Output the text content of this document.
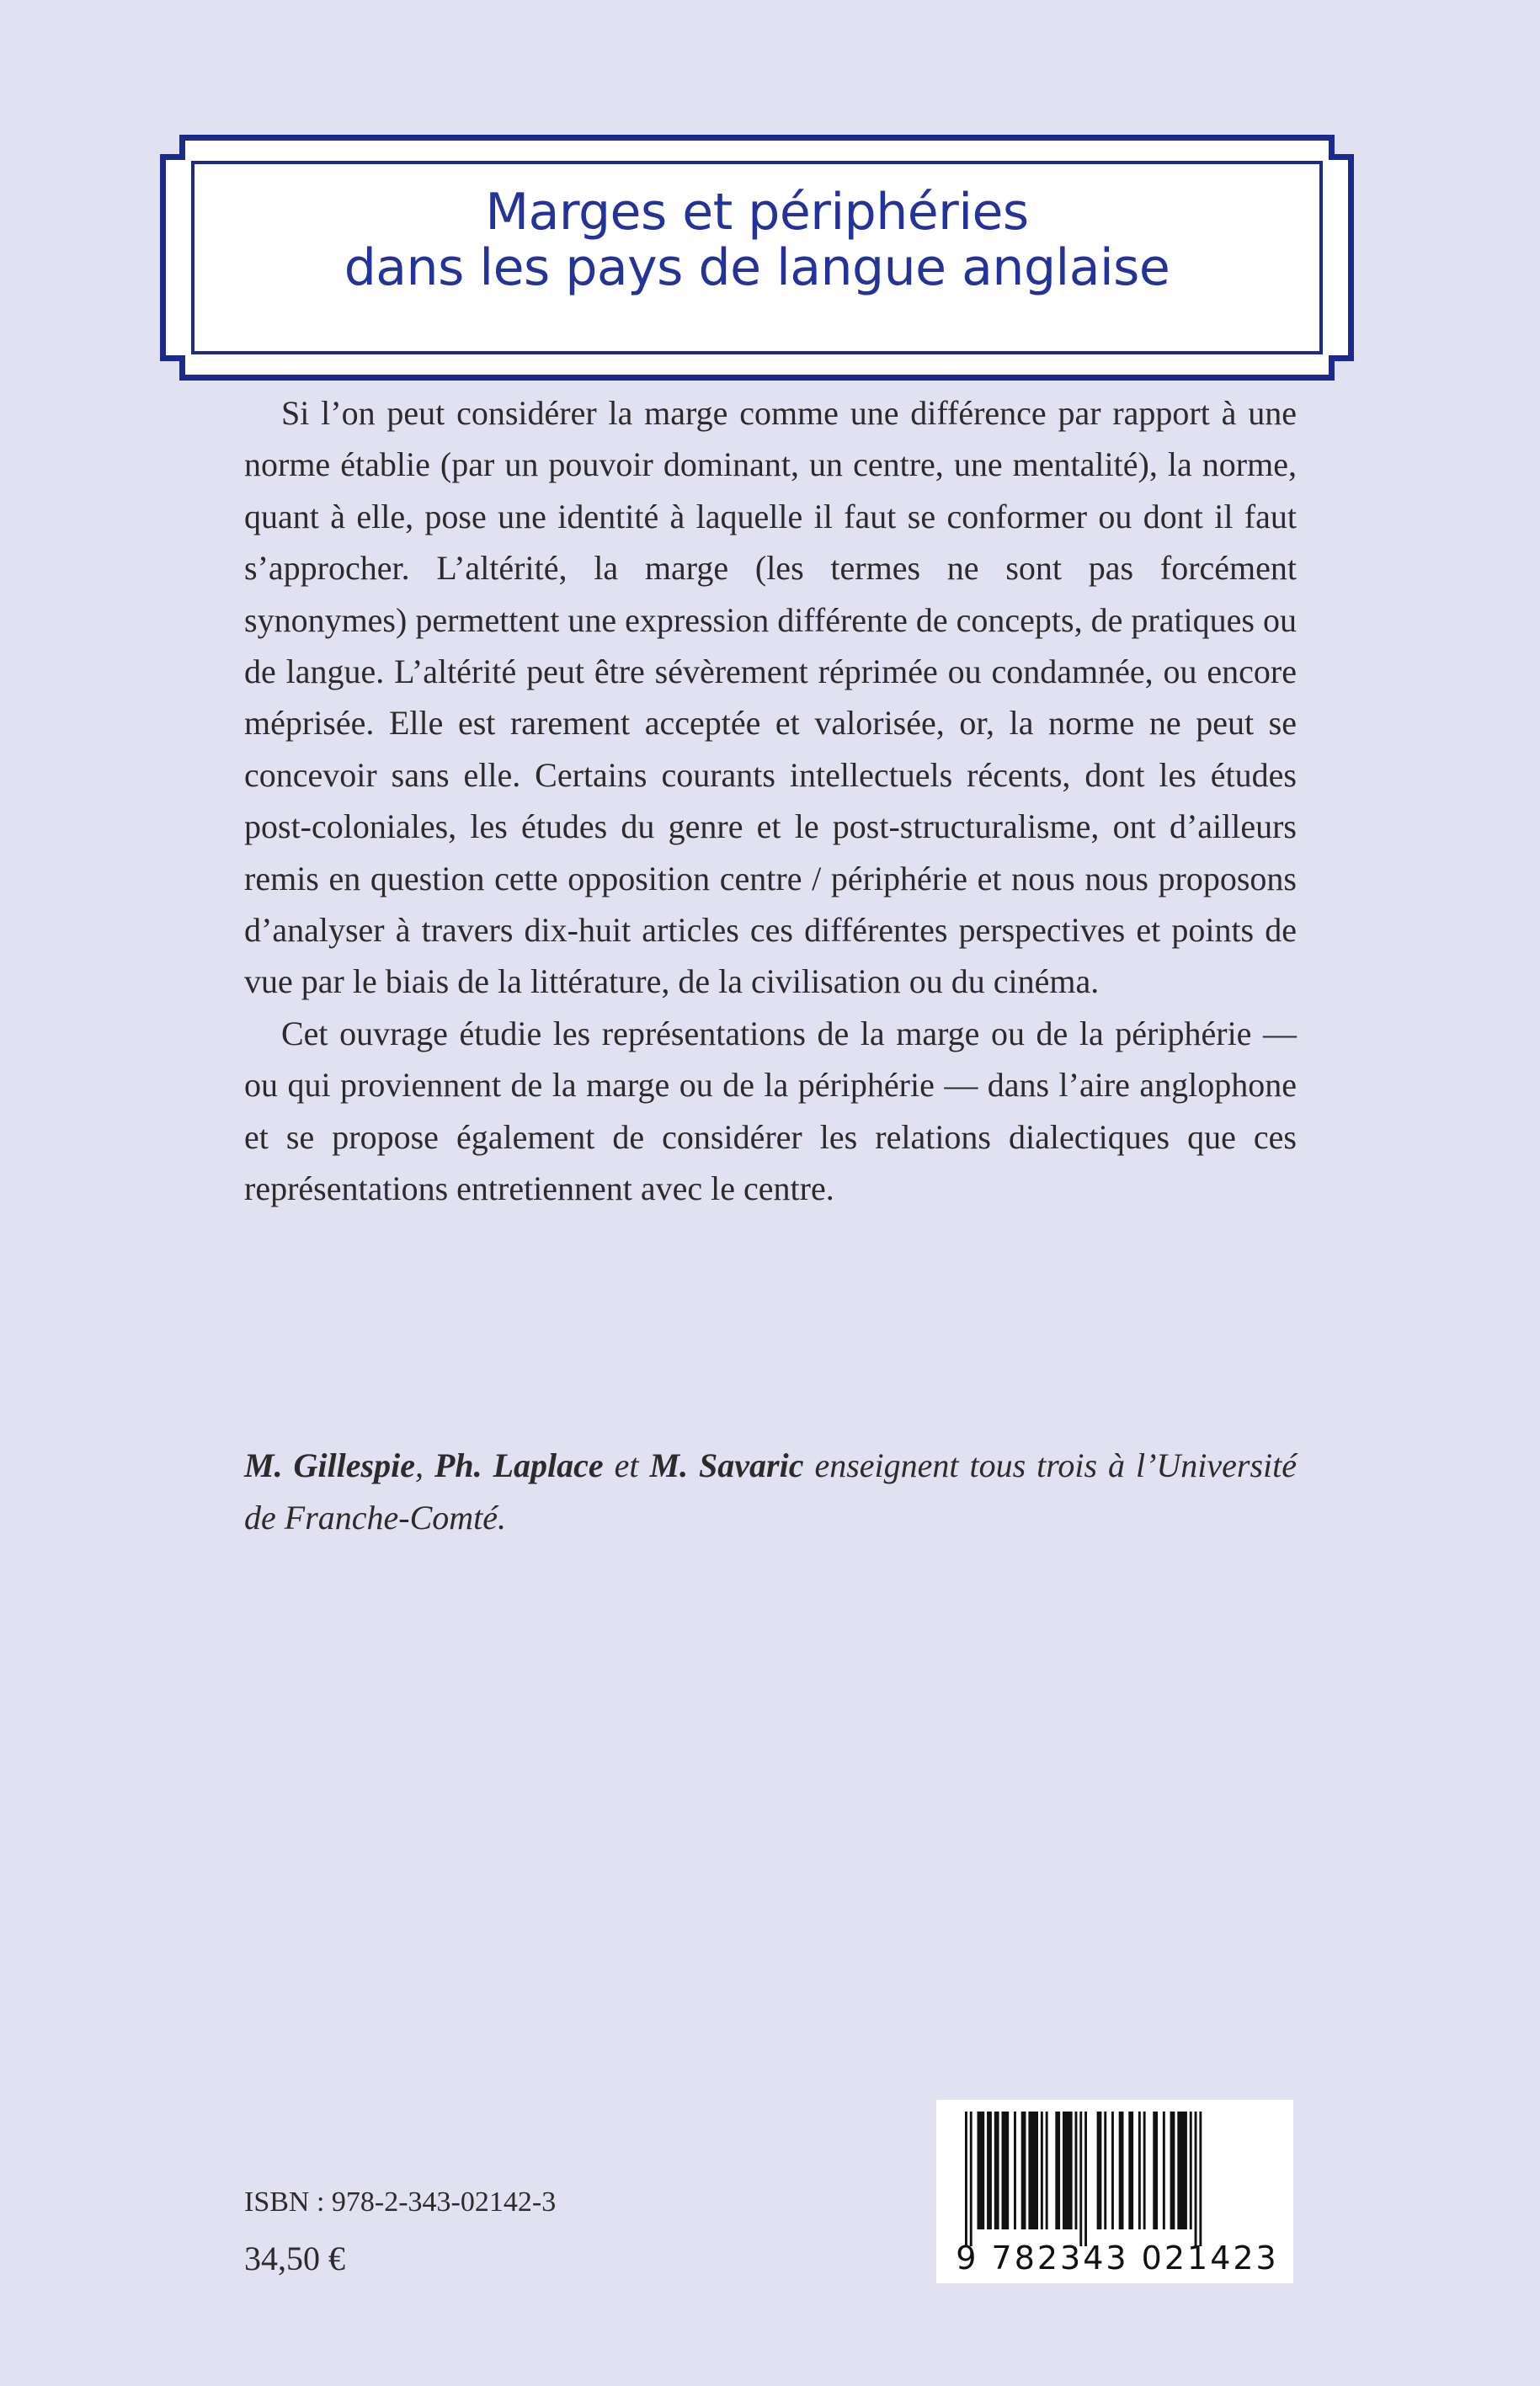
Marges et périphéries
dans les pays de langue anglaise

Si l’on peut considérer la marge comme une différence par rapport à une norme établie (par un pouvoir dominant, un centre, une mentalité), la norme, quant à elle, pose une identité à laquelle il faut se conformer ou dont il faut s’approcher. L’altérité, la marge (les termes ne sont pas forcément synonymes) permettent une expression différente de concepts, de pratiques ou de langue. L’altérité peut être sévèrement réprimée ou condamnée, ou encore méprisée. Elle est rarement acceptée et valorisée, or, la norme ne peut se concevoir sans elle. Certains courants intellectuels récents, dont les études post-coloniales, les études du genre et le post-structuralisme, ont d’ailleurs remis en question cette opposition centre / périphérie et nous nous proposons d’analyser à travers dix-huit articles ces différentes perspectives et points de vue par le biais de la littérature, de la civilisation ou du cinéma.

Cet ouvrage étudie les représentations de la marge ou de la périphérie — ou qui proviennent de la marge ou de la périphérie — dans l’aire anglophone et se propose également de considérer les relations dialectiques que ces représentations entretiennent avec le centre.

M. Gillespie, Ph. Laplace et M. Savaric enseignent tous trois à l’Université de Franche-Comté.
ISBN : 978-2-343-02142-3
34,50 €	9 782343 021423
